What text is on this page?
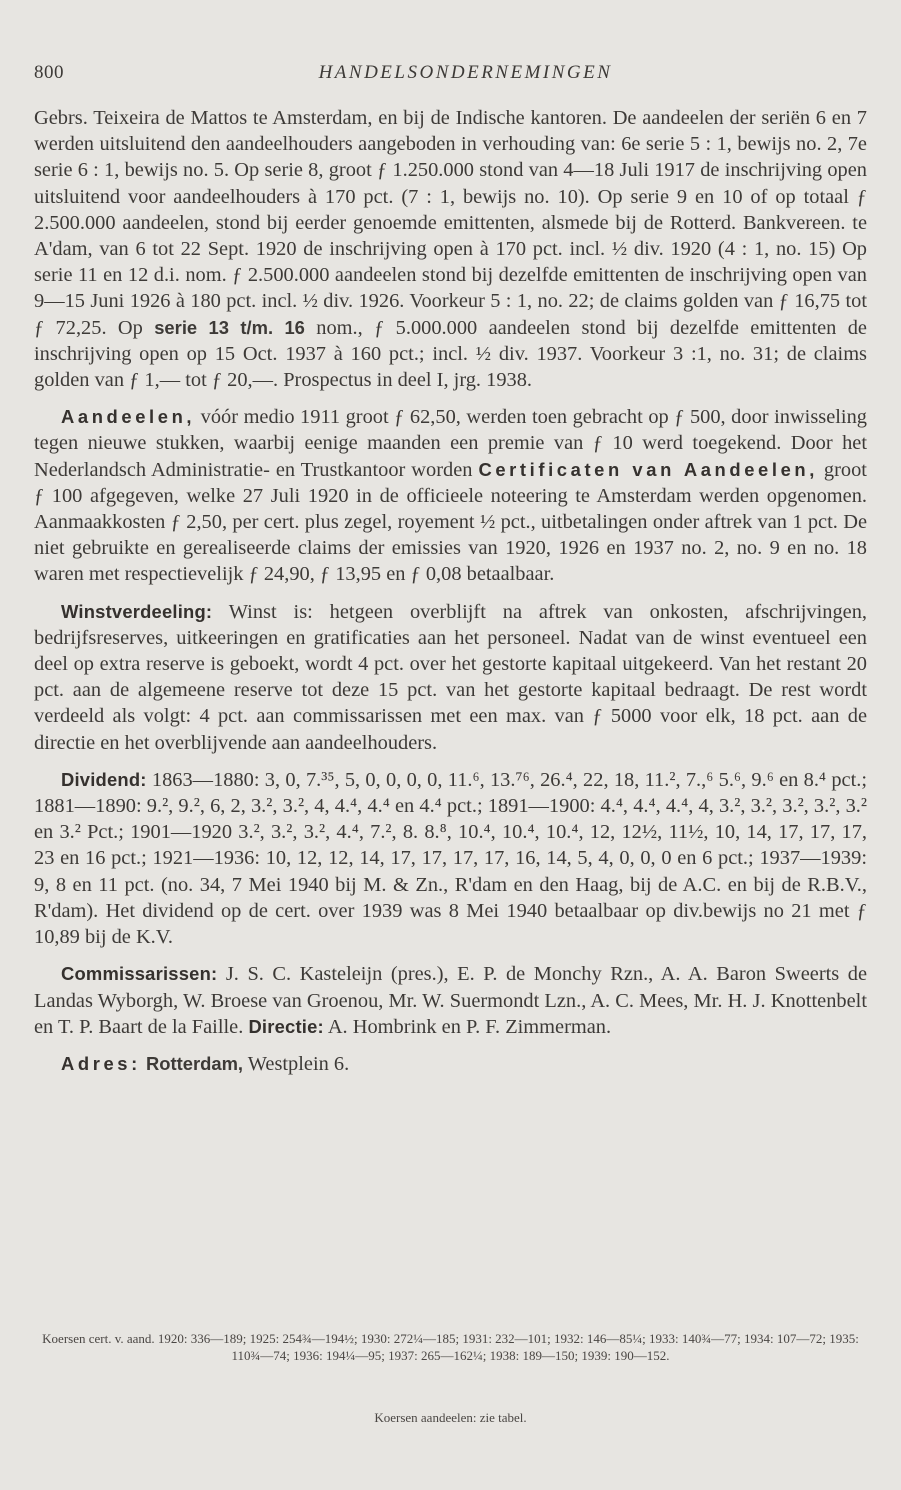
800	HANDELSONDERNEMINGEN

Gebrs. Teixeira de Mattos te Amsterdam, en bij de Indische kantoren. De aandeelen der seriën 6 en 7 werden uitsluitend den aandeelhouders aangeboden in verhouding van: 6e serie 5 : 1, bewijs no. 2, 7e serie 6 : 1, bewijs no. 5. Op serie 8, groot ƒ 1.250.000 stond van 4—18 Juli 1917 de inschrijving open uitsluitend voor aandeelhouders à 170 pct. (7 : 1, bewijs no. 10). Op serie 9 en 10 of op totaal ƒ 2.500.000 aandeelen, stond bij eerder genoemde emittenten, alsmede bij de Rotterd. Bankvereen. te A'dam, van 6 tot 22 Sept. 1920 de inschrijving open à 170 pct. incl. ½ div. 1920 (4 : 1, no. 15) Op serie 11 en 12 d.i. nom. ƒ 2.500.000 aandeelen stond bij dezelfde emittenten de inschrijving open van 9—15 Juni 1926 à 180 pct. incl. ½ div. 1926. Voorkeur 5 : 1, no. 22; de claims golden van ƒ 16,75 tot ƒ 72,25. Op serie 13 t/m. 16 nom., ƒ 5.000.000 aandeelen stond bij dezelfde emittenten de inschrijving open op 15 Oct. 1937 à 160 pct.; incl. ½ div. 1937. Voorkeur 3 :1, no. 31; de claims golden van ƒ 1,— tot ƒ 20,—. Prospectus in deel I, jrg. 1938.

Aandeelen, vóór medio 1911 groot ƒ 62,50, werden toen gebracht op ƒ 500, door inwisseling tegen nieuwe stukken, waarbij eenige maanden een premie van ƒ 10 werd toegekend. Door het Nederlandsch Administratie- en Trustkantoor worden Certificaten van Aandeelen, groot ƒ 100 afgegeven, welke 27 Juli 1920 in de officieele noteering te Amsterdam werden opgenomen. Aanmaakkosten ƒ 2,50, per cert. plus zegel, royement ½ pct., uitbetalingen onder aftrek van 1 pct. De niet gebruikte en gerealiseerde claims der emissies van 1920, 1926 en 1937 no. 2, no. 9 en no. 18 waren met respectievelijk ƒ 24,90, ƒ 13,95 en ƒ 0,08 betaalbaar.

Winstverdeeling: Winst is: hetgeen overblijft na aftrek van onkosten, afschrijvingen, bedrijfsreserves, uitkeeringen en gratificaties aan het personeel. Nadat van de winst eventueel een deel op extra reserve is geboekt, wordt 4 pct. over het gestorte kapitaal uitgekeerd. Van het restant 20 pct. aan de algemeene reserve tot deze 15 pct. van het gestorte kapitaal bedraagt. De rest wordt verdeeld als volgt: 4 pct. aan commissarissen met een max. van ƒ 5000 voor elk, 18 pct. aan de directie en het overblijvende aan aandeelhouders.

Dividend: 1863—1880: 3, 0, 7.³⁵, 5, 0, 0, 0, 0, 11.⁶, 13.⁷⁶, 26.⁴, 22, 18, 11.², 7.,⁶ 5.⁶, 9.⁶ en 8.⁴ pct.; 1881—1890: 9.², 9.², 6, 2, 3.², 3.², 4, 4.⁴, 4.⁴ en 4.⁴ pct.; 1891—1900: 4.⁴, 4.⁴, 4.⁴, 4, 3.², 3.², 3.², 3.², 3.² en 3.² Pct.; 1901—1920 3.², 3.², 3.², 4.⁴, 7.², 8. 8.⁸, 10.⁴, 10.⁴, 10.⁴, 12, 12½, 11½, 10, 14, 17, 17, 17, 23 en 16 pct.; 1921—1936: 10, 12, 12, 14, 17, 17, 17, 17, 16, 14, 5, 4, 0, 0, 0 en 6 pct.; 1937—1939: 9, 8 en 11 pct. (no. 34, 7 Mei 1940 bij M. & Zn., R'dam en den Haag, bij de A.C. en bij de R.B.V., R'dam). Het dividend op de cert. over 1939 was 8 Mei 1940 betaalbaar op div.bewijs no 21 met ƒ 10,89 bij de K.V.

Commissarissen: J. S. C. Kasteleijn (pres.), E. P. de Monchy Rzn., A. A. Baron Sweerts de Landas Wyborgh, W. Broese van Groenou, Mr. W. Suermondt Lzn., A. C. Mees, Mr. H. J. Knottenbelt en T. P. Baart de la Faille. Directie: A. Hombrink en P. F. Zimmerman.

Adres: Rotterdam, Westplein 6.

Koersen cert. v. aand. 1920: 336—189; 1925: 254¾—194½; 1930: 272¼—185; 1931: 232—101; 1932: 146—85¼; 1933: 140¾—77; 1934: 107—72; 1935: 110¾—74; 1936: 194¼—95; 1937: 265—162¼; 1938: 189—150; 1939: 190—152.
Koersen aandeelen: zie tabel.
